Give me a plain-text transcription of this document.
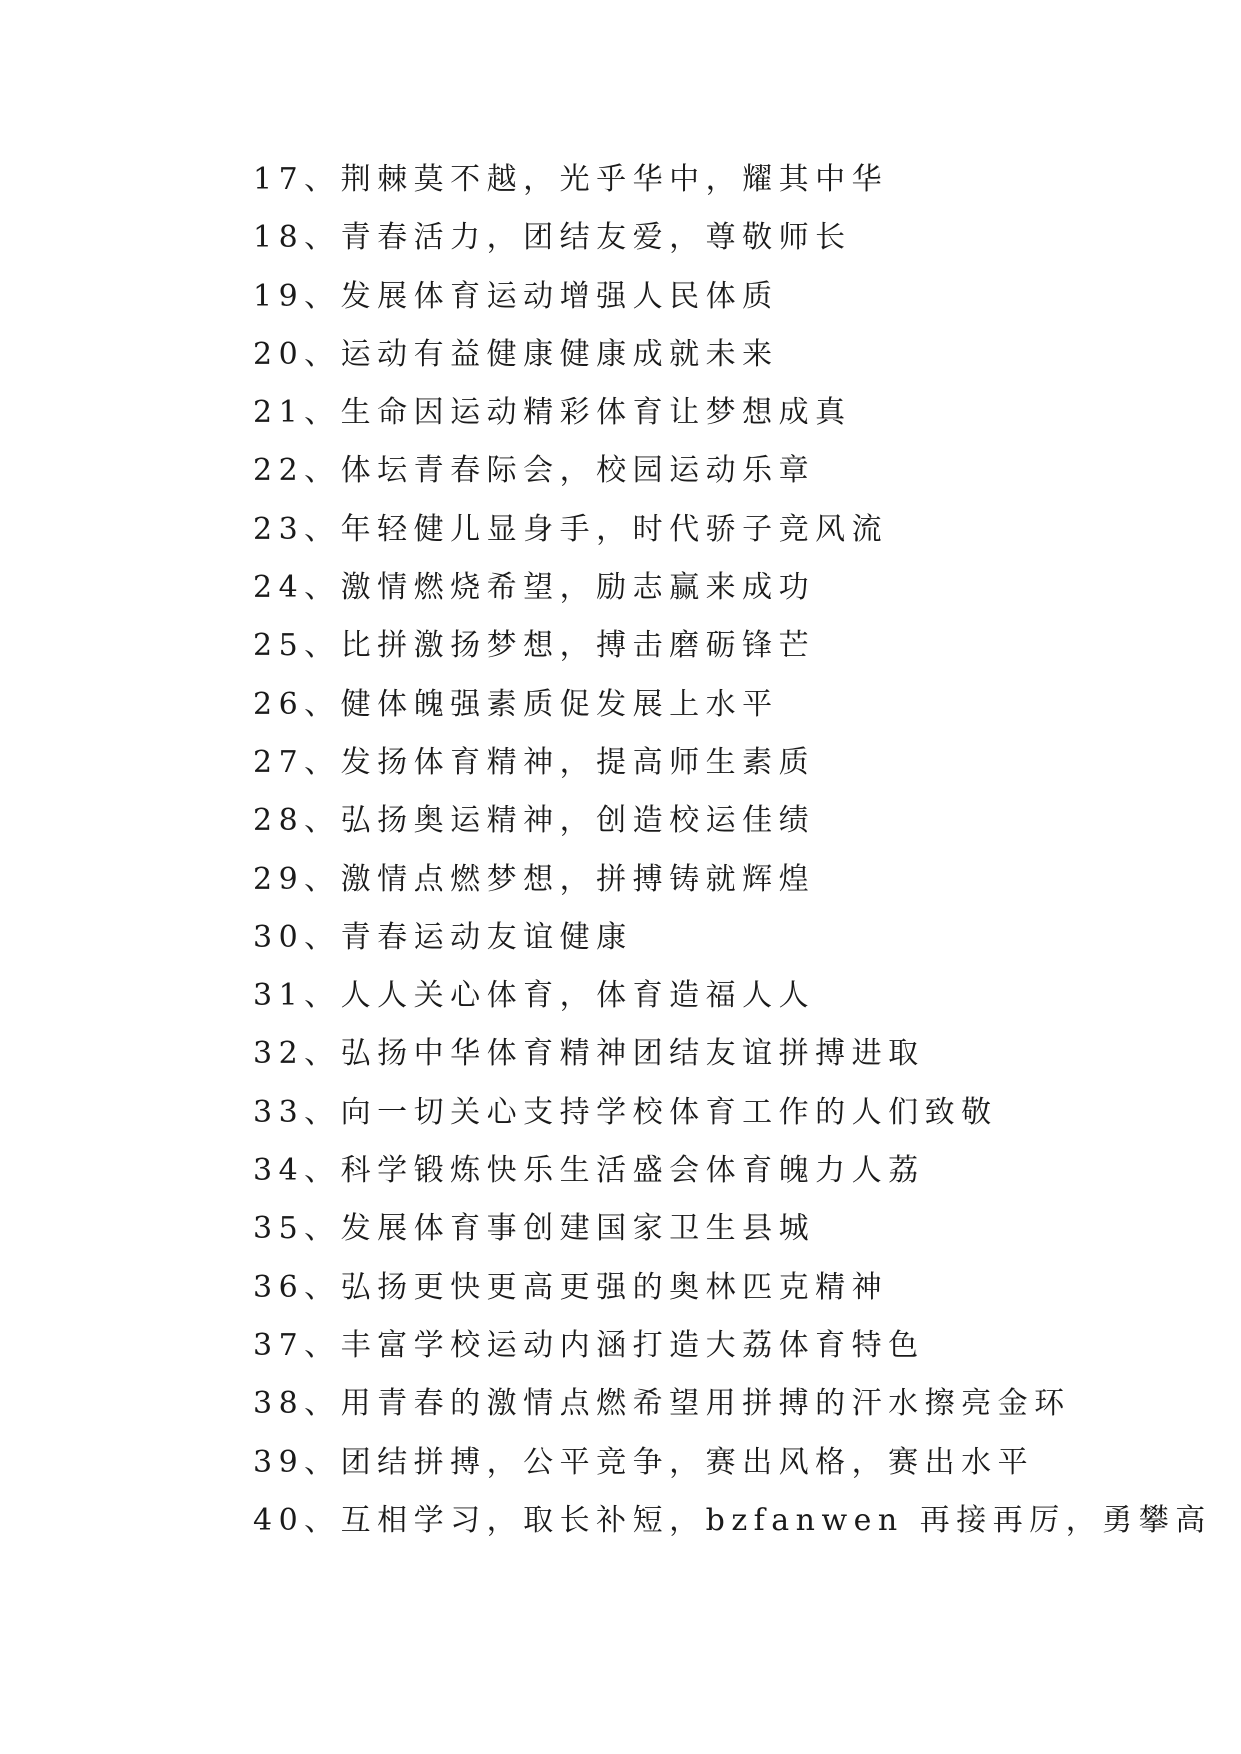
17、荆棘莫不越，光乎华中，耀其中华
18、青春活力，团结友爱，尊敬师长
19、发展体育运动增强人民体质
20、运动有益健康健康成就未来
21、生命因运动精彩体育让梦想成真
22、体坛青春际会，校园运动乐章
23、年轻健儿显身手，时代骄子竞风流
24、激情燃烧希望，励志赢来成功
25、比拼激扬梦想，搏击磨砺锋芒
26、健体魄强素质促发展上水平
27、发扬体育精神，提高师生素质
28、弘扬奥运精神，创造校运佳绩
29、激情点燃梦想，拼搏铸就辉煌
30、青春运动友谊健康
31、人人关心体育，体育造福人人
32、弘扬中华体育精神团结友谊拼搏进取
33、向一切关心支持学校体育工作的人们致敬
34、科学锻炼快乐生活盛会体育魄力人荔
35、发展体育事创建国家卫生县城
36、弘扬更快更高更强的奥林匹克精神
37、丰富学校运动内涵打造大荔体育特色
38、用青春的激情点燃希望用拼搏的汗水擦亮金环
39、团结拼搏，公平竞争，赛出风格，赛出水平
40、互相学习，取长补短，bzfanwen 再接再厉，勇攀高
